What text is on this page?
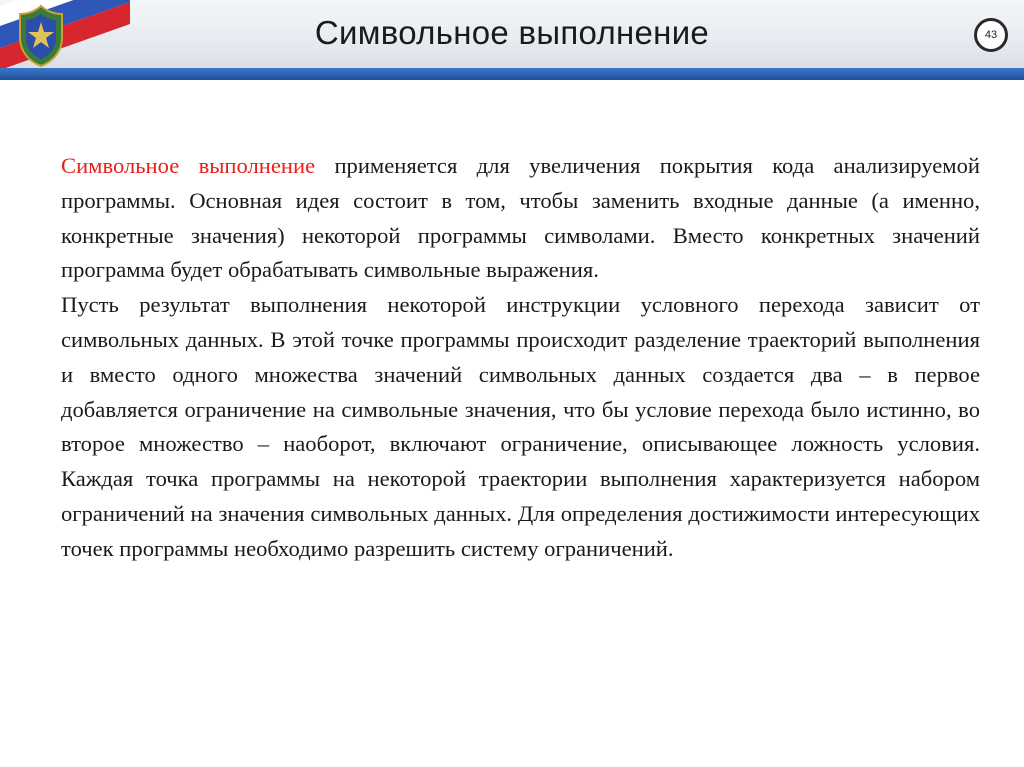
Символьное выполнение	43

Символьное выполнение применяется для увеличения покрытия кода анализируемой программы. Основная идея состоит в том, чтобы заменить входные данные (а именно, конкретные значения) некоторой программы символами. Вместо конкретных значений программа будет обрабатывать символьные выражения.

Пусть результат выполнения некоторой инструкции условного перехода зависит от символьных данных. В этой точке программы происходит разделение траекторий выполнения и вместо одного множества значений символьных данных создается два – в первое добавляется ограничение на символьные значения, что бы условие перехода было истинно, во второе множество – наоборот, включают ограничение, описывающее ложность условия. Каждая точка программы на некоторой траектории выполнения характеризуется набором ограничений на значения символьных данных. Для определения достижимости интересующих точек программы необходимо разрешить систему ограничений.
